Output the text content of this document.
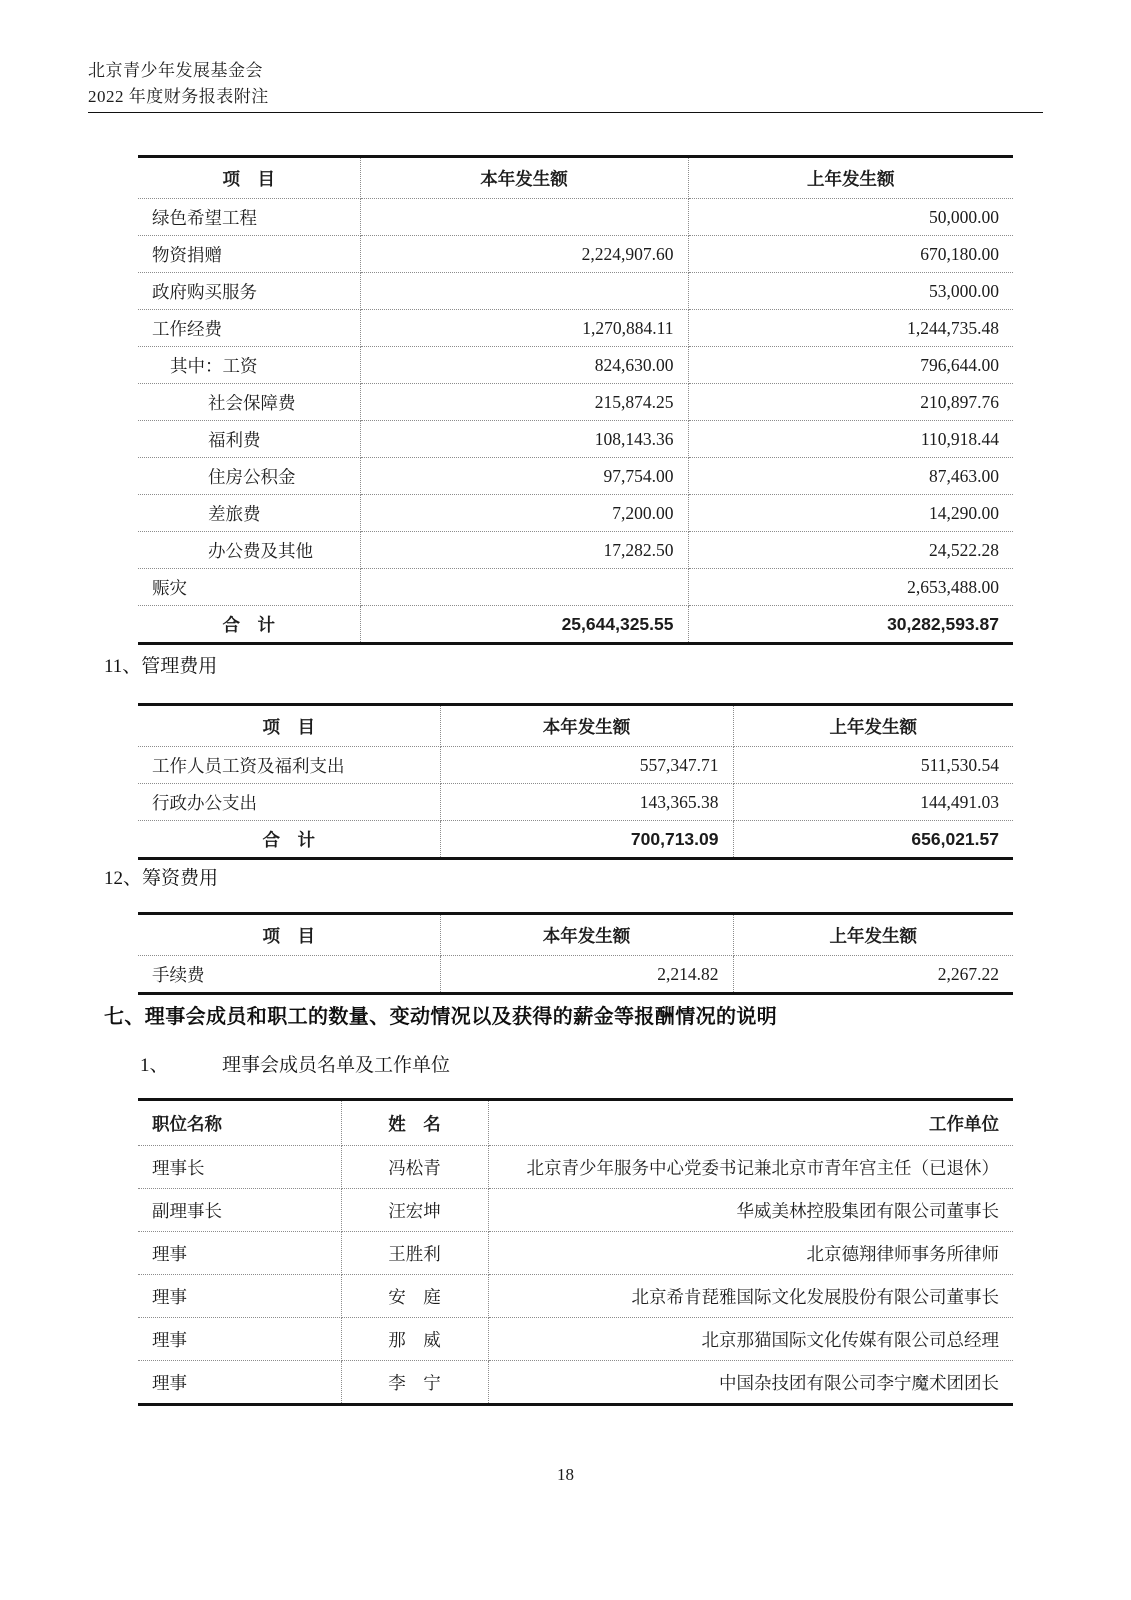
北京青少年发展基金会
2022 年度财务报表附注
项　目	本年发生额	上年发生额
绿色希望工程		50,000.00
物资捐赠	2,224,907.60	670,180.00
政府购买服务		53,000.00
工作经费	1,270,884.11	1,244,735.48
其中：工资	824,630.00	796,644.00
社会保障费	215,874.25	210,897.76
福利费	108,143.36	110,918.44
住房公积金	97,754.00	87,463.00
差旅费	7,200.00	14,290.00
办公费及其他	17,282.50	24,522.28
赈灾		2,653,488.00
合　计	25,644,325.55	30,282,593.87

11、管理费用
项　目	本年发生额	上年发生额
工作人员工资及福利支出	557,347.71	511,530.54
行政办公支出	143,365.38	144,491.03
合　计	700,713.09	656,021.57

12、筹资费用
项　目	本年发生额	上年发生额
手续费	2,214.82	2,267.22

七、理事会成员和职工的数量、变动情况以及获得的薪金等报酬情况的说明
1、	理事会成员名单及工作单位
职位名称	姓　名	工作单位
理事长	冯松青	北京青少年服务中心党委书记兼北京市青年宫主任（已退休）
副理事长	汪宏坤	华威美林控股集团有限公司董事长
理事	王胜利	北京德翔律师事务所律师
理事	安　庭	北京希肯琵雅国际文化发展股份有限公司董事长
理事	那　威	北京那猫国际文化传媒有限公司总经理
理事	李　宁	中国杂技团有限公司李宁魔术团团长

18
